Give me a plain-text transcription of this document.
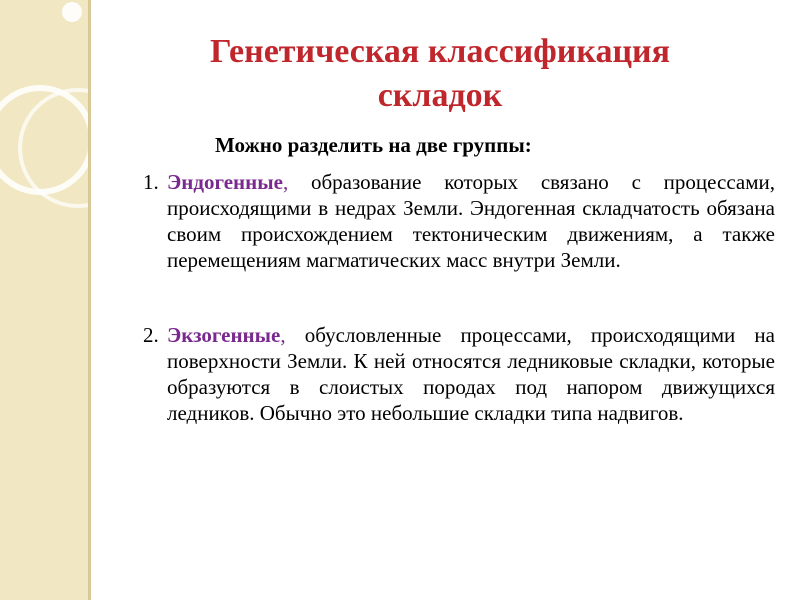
Генетическая классификация складок
Можно разделить на две группы:
1. Эндогенные, образование которых связано с процессами, происходящими в недрах Земли. Эндогенная складчатость обязана своим происхождением тектоническим движениям, а также перемещениям магматических масс внутри Земли.
2. Экзогенные, обусловленные процессами, происходящими на поверхности Земли. К ней относятся ледниковые складки, которые образуются в слоистых породах под напором движущихся ледников. Обычно это небольшие складки типа надвигов.
